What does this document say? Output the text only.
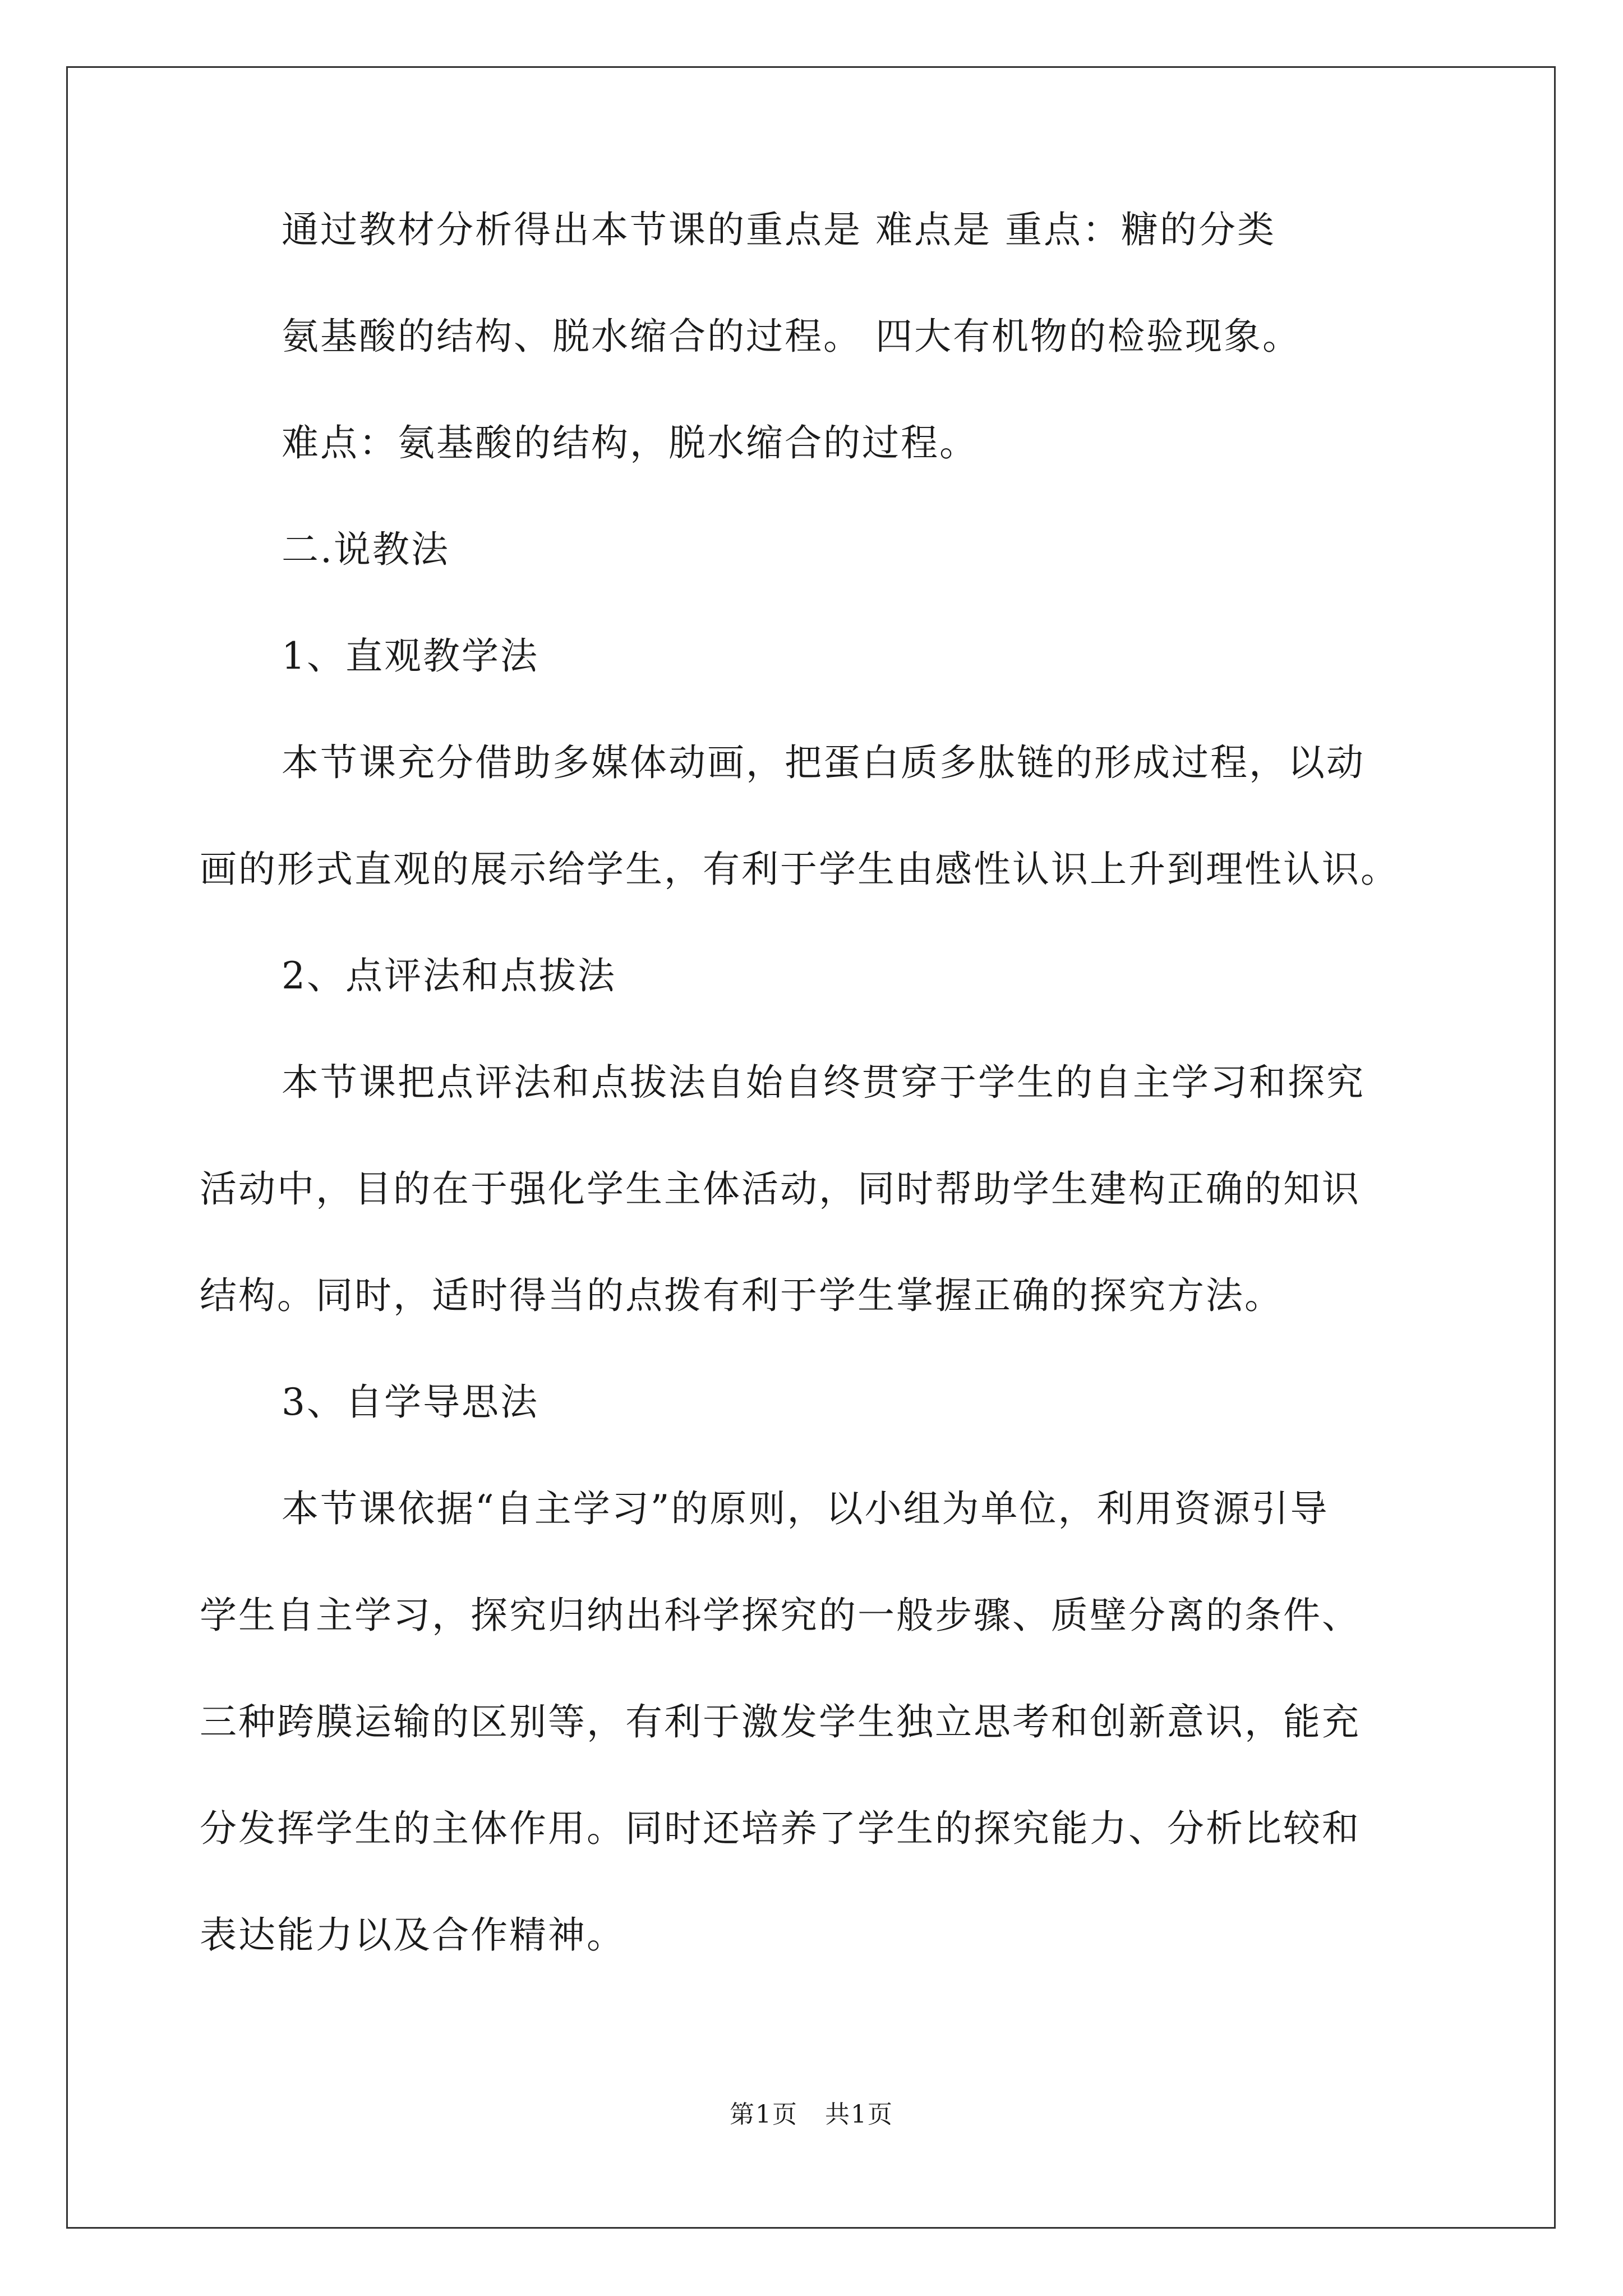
通过教材分析得出本节课的重点是 难点是 重点：糖的分类
氨基酸的结构、脱水缩合的过程。 四大有机物的检验现象。
难点：氨基酸的结构，脱水缩合的过程。
二.说教法
1、直观教学法
本节课充分借助多媒体动画，把蛋白质多肽链的形成过程，以动
画的形式直观的展示给学生，有利于学生由感性认识上升到理性认识。
2、点评法和点拔法
本节课把点评法和点拔法自始自终贯穿于学生的自主学习和探究
活动中，目的在于强化学生主体活动，同时帮助学生建构正确的知识
结构。同时，适时得当的点拨有利于学生掌握正确的探究方法。
3、自学导思法
本节课依据“自主学习”的原则，以小组为单位，利用资源引导
学生自主学习，探究归纳出科学探究的一般步骤、质壁分离的条件、
三种跨膜运输的区别等，有利于激发学生独立思考和创新意识，能充
分发挥学生的主体作用。同时还培养了学生的探究能力、分析比较和
表达能力以及合作精神。
第1页 共1页
